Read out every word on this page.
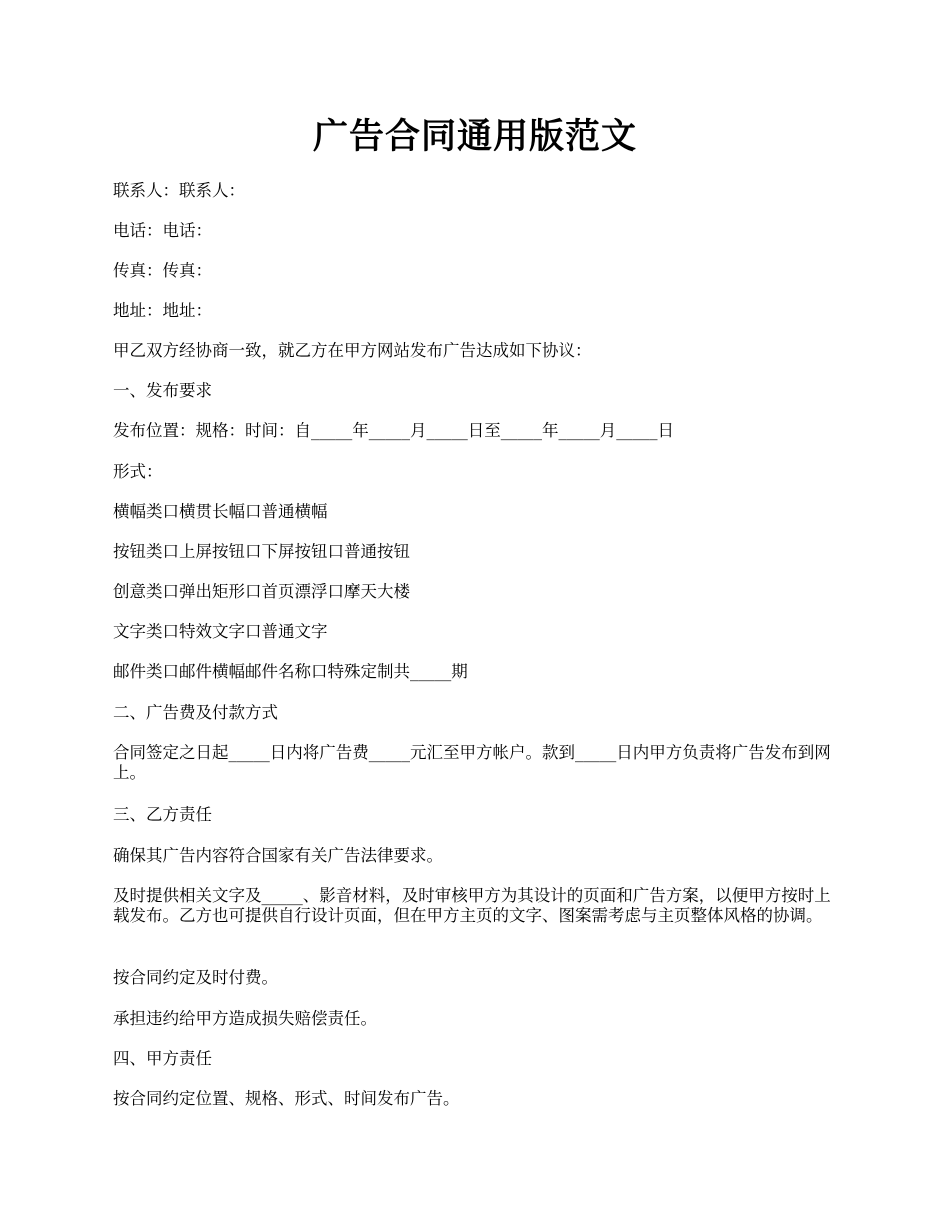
广告合同通用版范文
联系人：联系人：
电话：电话：
传真：传真：
地址：地址：
甲乙双方经协商一致，就乙方在甲方网站发布广告达成如下协议：
一、发布要求
发布位置：规格：时间：自_____年_____月_____日至_____年_____月_____日
形式：
横幅类口横贯长幅口普通横幅
按钮类口上屏按钮口下屏按钮口普通按钮
创意类口弹出矩形口首页漂浮口摩天大楼
文字类口特效文字口普通文字
邮件类口邮件横幅邮件名称口特殊定制共_____期
二、广告费及付款方式
合同签定之日起_____日内将广告费_____元汇至甲方帐户。款到_____日内甲方负责将广告发布到网上。
三、乙方责任
确保其广告内容符合国家有关广告法律要求。
及时提供相关文字及_____、影音材料，及时审核甲方为其设计的页面和广告方案，以便甲方按时上载发布。乙方也可提供自行设计页面，但在甲方主页的文字、图案需考虑与主页整体风格的协调。
按合同约定及时付费。
承担违约给甲方造成损失赔偿责任。
四、甲方责任
按合同约定位置、规格、形式、时间发布广告。
